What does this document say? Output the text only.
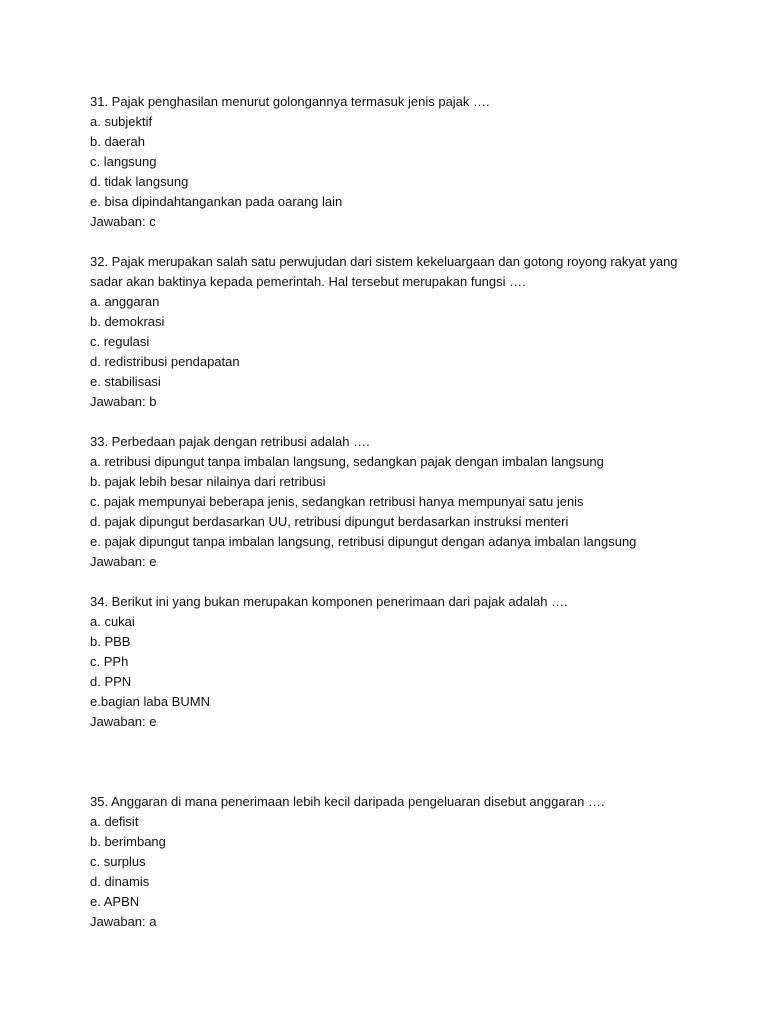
31. Pajak penghasilan menurut golongannya termasuk jenis pajak ….
a. subjektif
b. daerah
c. langsung
d. tidak langsung
e. bisa dipindahtangankan pada oarang lain
Jawaban: c
32. Pajak merupakan salah satu perwujudan dari sistem kekeluargaan dan gotong royong rakyat yang
sadar akan baktinya kepada pemerintah. Hal tersebut merupakan fungsi ….
a. anggaran
b. demokrasi
c. regulasi
d. redistribusi pendapatan
e. stabilisasi
Jawaban: b
33. Perbedaan pajak dengan retribusi adalah ….
a. retribusi dipungut tanpa imbalan langsung, sedangkan pajak dengan imbalan langsung
b. pajak lebih besar nilainya dari retribusi
c. pajak mempunyai beberapa jenis, sedangkan retribusi hanya mempunyai satu jenis
d. pajak dipungut berdasarkan UU, retribusi dipungut berdasarkan instruksi menteri
e. pajak dipungut tanpa imbalan langsung, retribusi dipungut dengan adanya imbalan langsung
Jawaban: e
34. Berikut ini yang bukan merupakan komponen penerimaan dari pajak adalah ….
a. cukai
b. PBB
c. PPh
d. PPN
e.bagian laba BUMN
Jawaban: e
35. Anggaran di mana penerimaan lebih kecil daripada pengeluaran disebut anggaran ….
a. defisit
b. berimbang
c. surplus
d. dinamis
e. APBN
Jawaban: a
